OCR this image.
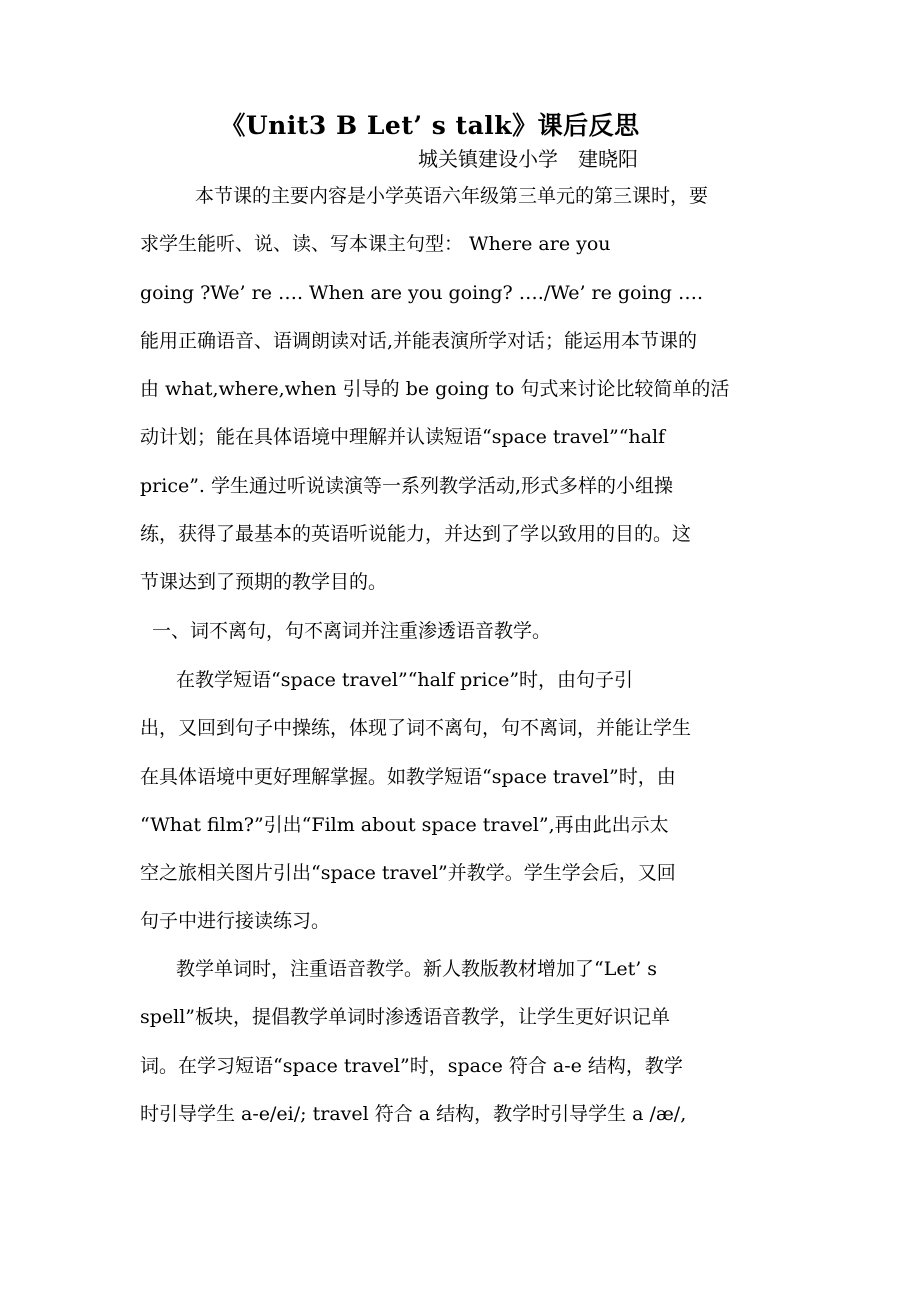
《Unit3 B Let’ s talk》课后反思
城关镇建设小学　建晓阳
　本节课的主要内容是小学英语六年级第三单元的第三课时，要
求学生能听、说、读、写本课主句型： Where are you
going ?We’ re …. When are you going? …./We’ re going ….
能用正确语音、语调朗读对话,并能表演所学对话；能运用本节课的
由 what,where,when 引导的 be going to 句式来讨论比较简单的活
动计划；能在具体语境中理解并认读短语“space travel”“half
price”. 学生通过听说读演等一系列教学活动,形式多样的小组操
练，获得了最基本的英语听说能力，并达到了学以致用的目的。这
节课达到了预期的教学目的。
一、词不离句，句不离词并注重渗透语音教学。
在教学短语“space travel”“half price”时，由句子引
出，又回到句子中操练，体现了词不离句，句不离词，并能让学生
在具体语境中更好理解掌握。如教学短语“space travel”时，由
“What film?”引出“Film about space travel”,再由此出示太
空之旅相关图片引出“space travel”并教学。学生学会后，又回
句子中进行接读练习。
教学单词时，注重语音教学。新人教版教材增加了“Let’ s
spell”板块，提倡教学单词时渗透语音教学，让学生更好识记单
词。在学习短语“space travel”时，space 符合 a-e 结构，教学
时引导学生 a-e/ei/; travel 符合 a 结构，教学时引导学生 a /æ/,
